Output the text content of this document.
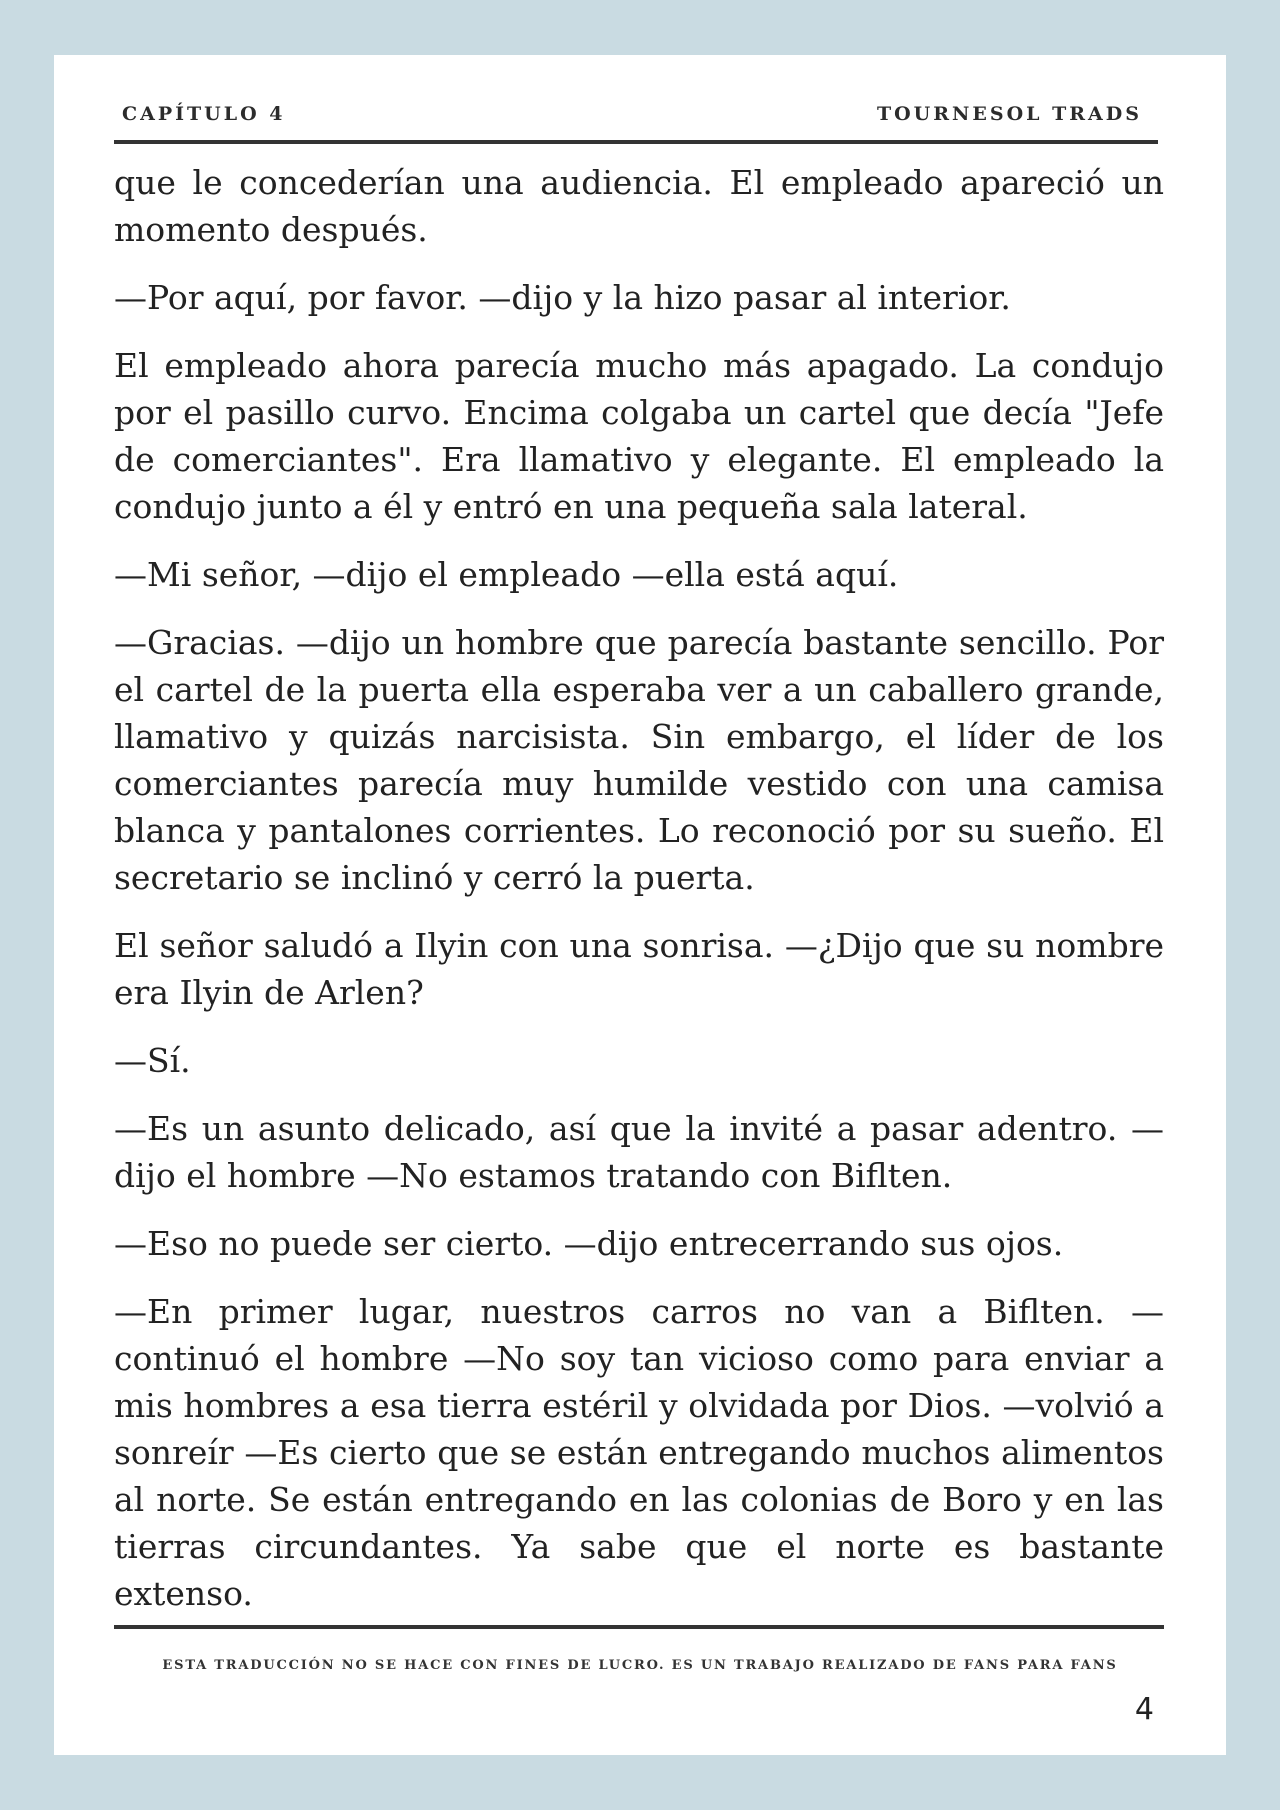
CAPÍTULO 4	TOURNESOL TRADS

que le concederían una audiencia. El empleado apareció un momento después.

—Por aquí, por favor. —dijo y la hizo pasar al interior.

El empleado ahora parecía mucho más apagado. La condujo por el pasillo curvo. Encima colgaba un cartel que decía "Jefe de comerciantes". Era llamativo y elegante. El empleado la condujo junto a él y entró en una pequeña sala lateral.

—Mi señor, —dijo el empleado —ella está aquí.

—Gracias. —dijo un hombre que parecía bastante sencillo. Por el cartel de la puerta ella esperaba ver a un caballero grande, llamativo y quizás narcisista. Sin embargo, el líder de los comerciantes parecía muy humilde vestido con una camisa blanca y pantalones corrientes. Lo reconoció por su sueño. El secretario se inclinó y cerró la puerta.

El señor saludó a Ilyin con una sonrisa. —¿Dijo que su nombre era Ilyin de Arlen?

—Sí.

—Es un asunto delicado, así que la invité a pasar adentro. —dijo el hombre —No estamos tratando con Biflten.

—Eso no puede ser cierto. —dijo entrecerrando sus ojos.

—En primer lugar, nuestros carros no van a Biflten. —continuó el hombre —No soy tan vicioso como para enviar a mis hombres a esa tierra estéril y olvidada por Dios. —volvió a sonreír —Es cierto que se están entregando muchos alimentos al norte. Se están entregando en las colonias de Boro y en las tierras circundantes. Ya sabe que el norte es bastante extenso.

ESTA TRADUCCIÓN NO SE HACE CON FINES DE LUCRO. ES UN TRABAJO REALIZADO DE FANS PARA FANS
4
